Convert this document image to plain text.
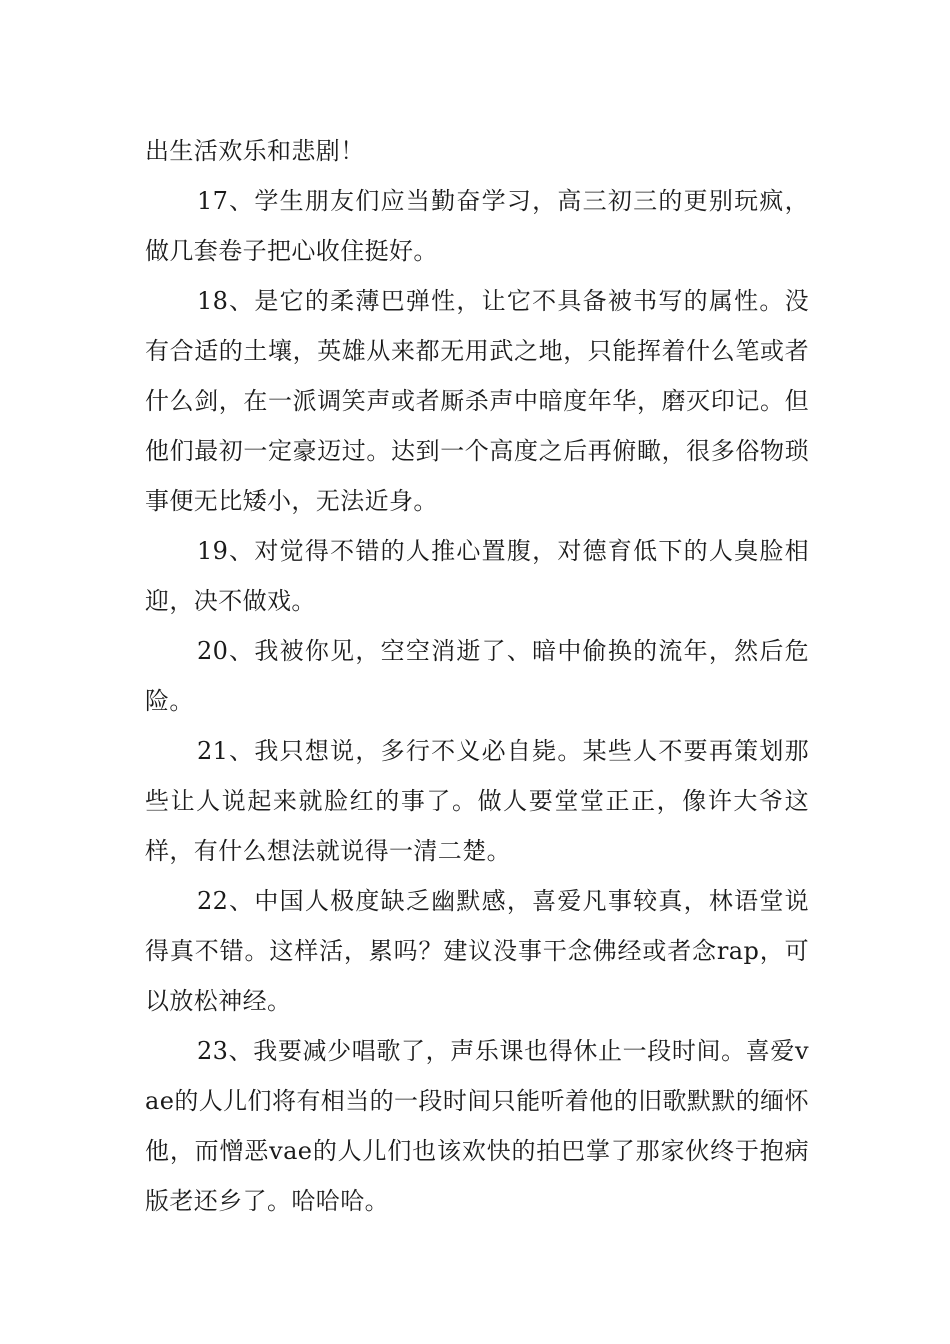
出生活欢乐和悲剧！

17、学生朋友们应当勤奋学习，高三初三的更别玩疯，做几套卷子把心收住挺好。

18、是它的柔薄巴弹性，让它不具备被书写的属性。没有合适的土壤，英雄从来都无用武之地，只能挥着什么笔或者什么剑，在一派调笑声或者厮杀声中暗度年华，磨灭印记。但他们最初一定豪迈过。达到一个高度之后再俯瞰，很多俗物琐事便无比矮小，无法近身。

19、对觉得不错的人推心置腹，对德育低下的人臭脸相迎，决不做戏。

20、我被你见，空空消逝了、暗中偷换的流年，然后危险。

21、我只想说，多行不义必自毙。某些人不要再策划那些让人说起来就脸红的事了。做人要堂堂正正，像许大爷这样，有什么想法就说得一清二楚。

22、中国人极度缺乏幽默感，喜爱凡事较真，林语堂说得真不错。这样活，累吗？建议没事干念佛经或者念rap，可以放松神经。

23、我要减少唱歌了，声乐课也得休止一段时间。喜爱vae的人儿们将有相当的一段时间只能听着他的旧歌默默的缅怀他，而憎恶vae的人儿们也该欢快的拍巴掌了那家伙终于抱病版老还乡了。哈哈哈。
